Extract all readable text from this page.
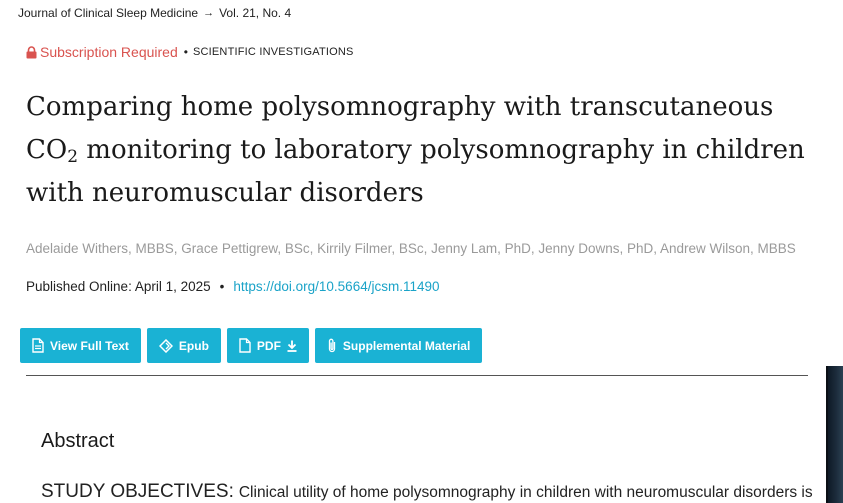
Journal of Clinical Sleep Medicine → Vol. 21, No. 4
Subscription Required • SCIENTIFIC INVESTIGATIONS
Comparing home polysomnography with transcutaneous $CO_2$ monitoring to laboratory polysomnography in children with neuromuscular disorders
Adelaide Withers, MBBS, Grace Pettigrew, BSc, Kirrily Filmer, BSc, Jenny Lam, PhD, Jenny Downs, PhD, Andrew Wilson, MBBS
Published Online: April 1, 2025 • https://doi.org/10.5664/jcsm.11490
View Full Text	Epub	PDF	Supplemental Material
Abstract
STUDY OBJECTIVES: Clinical utility of home polysomnography in children with neuromuscular disorders is
